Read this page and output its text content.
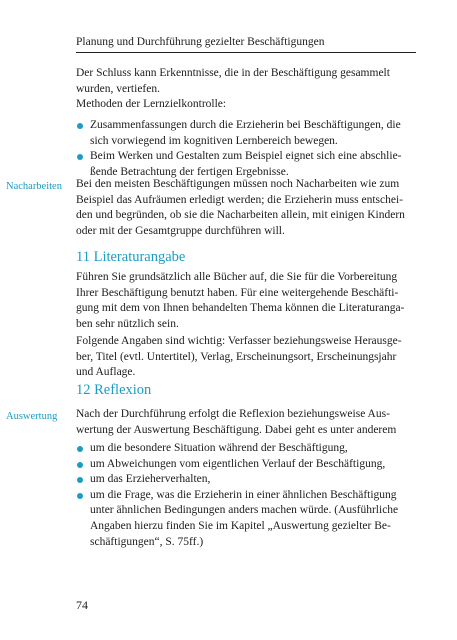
Planung und Durchführung gezielter Beschäftigungen

Der Schluss kann Erkenntnisse, die in der Beschäftigung gesammelt

wurden, vertiefen.

Methoden der Lernzielkontrolle:

Zusammenfassungen durch die Erzieherin bei Beschäftigungen, die

sich vorwiegend im kognitiven Lernbereich bewegen.

Beim Werken und Gestalten zum Beispiel eignet sich eine abschlie-

ßende Betrachtung der fertigen Ergebnisse.

Nacharbeiten Bei den meisten Beschäftigungen müssen noch Nacharbeiten wie zum

Beispiel das Aufräumen erledigt werden; die Erzieherin muss entschei-

den und begründen, ob sie die Nacharbeiten allein, mit einigen Kindern

oder mit der Gesamtgruppe durchführen will.

11 Literaturangabe

Führen Sie grundsätzlich alle Bücher auf, die Sie für die Vorbereitung

Ihrer Beschäftigung benutzt haben. Für eine weitergehende Beschäfti-

gung mit dem von Ihnen behandelten Thema können die Literaturanga-

ben sehr nützlich sein.

Folgende Angaben sind wichtig: Verfasser beziehungsweise Herausge-

ber, Titel (evtl. Untertitel), Verlag, Erscheinungsort, Erscheinungsjahr

und Auflage.

12 Reflexion
Auswertung Nach der Durchführung erfolgt die Reflexion beziehungsweise Aus-

wertung der Auswertung Beschäftigung. Dabei geht es unter anderem

um die besondere Situation während der Beschäftigung,

um Abweichungen vom eigentlichen Verlauf der Beschäftigung,

um das Erzieherverhalten,

um die Frage, was die Erzieherin in einer ähnlichen Beschäftigung

unter ähnlichen Bedingungen anders machen würde. (Ausführliche

Angaben hierzu finden Sie im Kapitel „Auswertung gezielter Be-

schäftigungen“, S. 75ff.)

74
